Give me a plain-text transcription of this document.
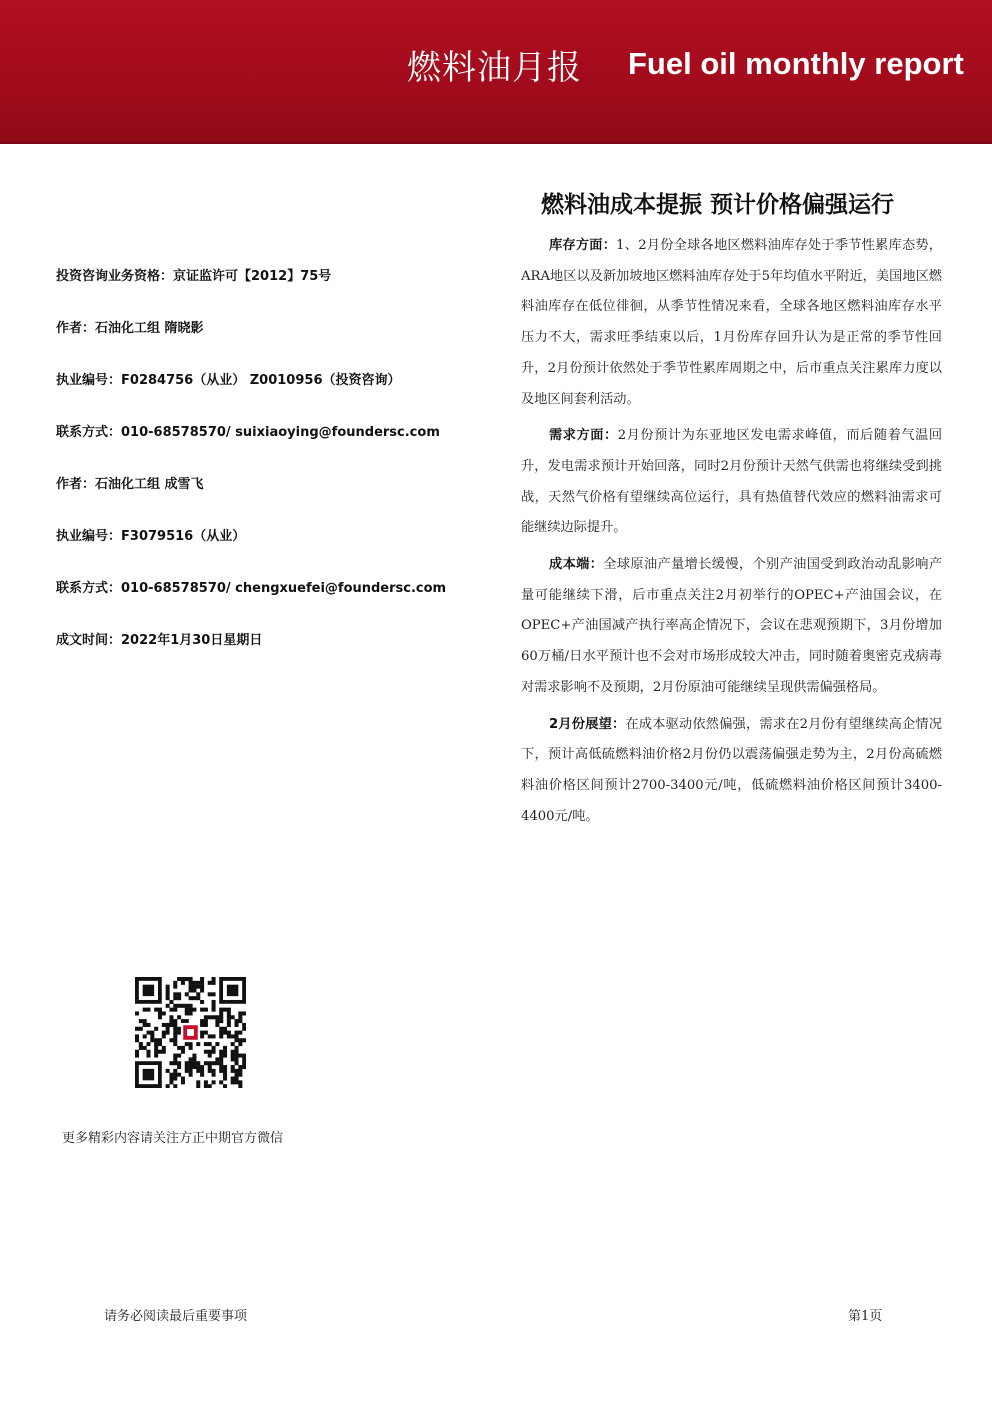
燃料油月报 Fuel oil monthly report
燃料油成本提振 预计价格偏强运行
投资咨询业务资格：京证监许可【2012】75号
作者：石油化工组 隋晓影
执业编号：F0284756（从业） Z0010956（投资咨询）
联系方式：010-68578570/ suixiaoying@foundersc.com
作者：石油化工组 成雪飞
执业编号：F3079516（从业）
联系方式：010-68578570/ chengxuefei@foundersc.com
成文时间：2022年1月30日星期日

库存方面：1、2月份全球各地区燃料油库存处于季节性累库态势，ARA地区以及新加坡地区燃料油库存处于5年均值水平附近，美国地区燃料油库存在低位徘徊，从季节性情况来看，全球各地区燃料油库存水平压力不大，需求旺季结束以后，1月份库存回升认为是正常的季节性回升，2月份预计依然处于季节性累库周期之中，后市重点关注累库力度以及地区间套利活动。

需求方面：2月份预计为东亚地区发电需求峰值，而后随着气温回升，发电需求预计开始回落，同时2月份预计天然气供需也将继续受到挑战，天然气价格有望继续高位运行，具有热值替代效应的燃料油需求可能继续边际提升。

成本端：全球原油产量增长缓慢，个别产油国受到政治动乱影响产量可能继续下滑，后市重点关注2月初举行的OPEC+产油国会议，在OPEC+产油国减产执行率高企情况下，会议在悲观预期下，3月份增加60万桶/日水平预计也不会对市场形成较大冲击，同时随着奥密克戎病毒对需求影响不及预期，2月份原油可能继续呈现供需偏强格局。

2月份展望：在成本驱动依然偏强，需求在2月份有望继续高企情况下，预计高低硫燃料油价格2月份仍以震荡偏强走势为主，2月份高硫燃料油价格区间预计2700-3400元/吨，低硫燃料油价格区间预计3400-4400元/吨。

更多精彩内容请关注方正中期官方微信
请务必阅读最后重要事项	第1页
